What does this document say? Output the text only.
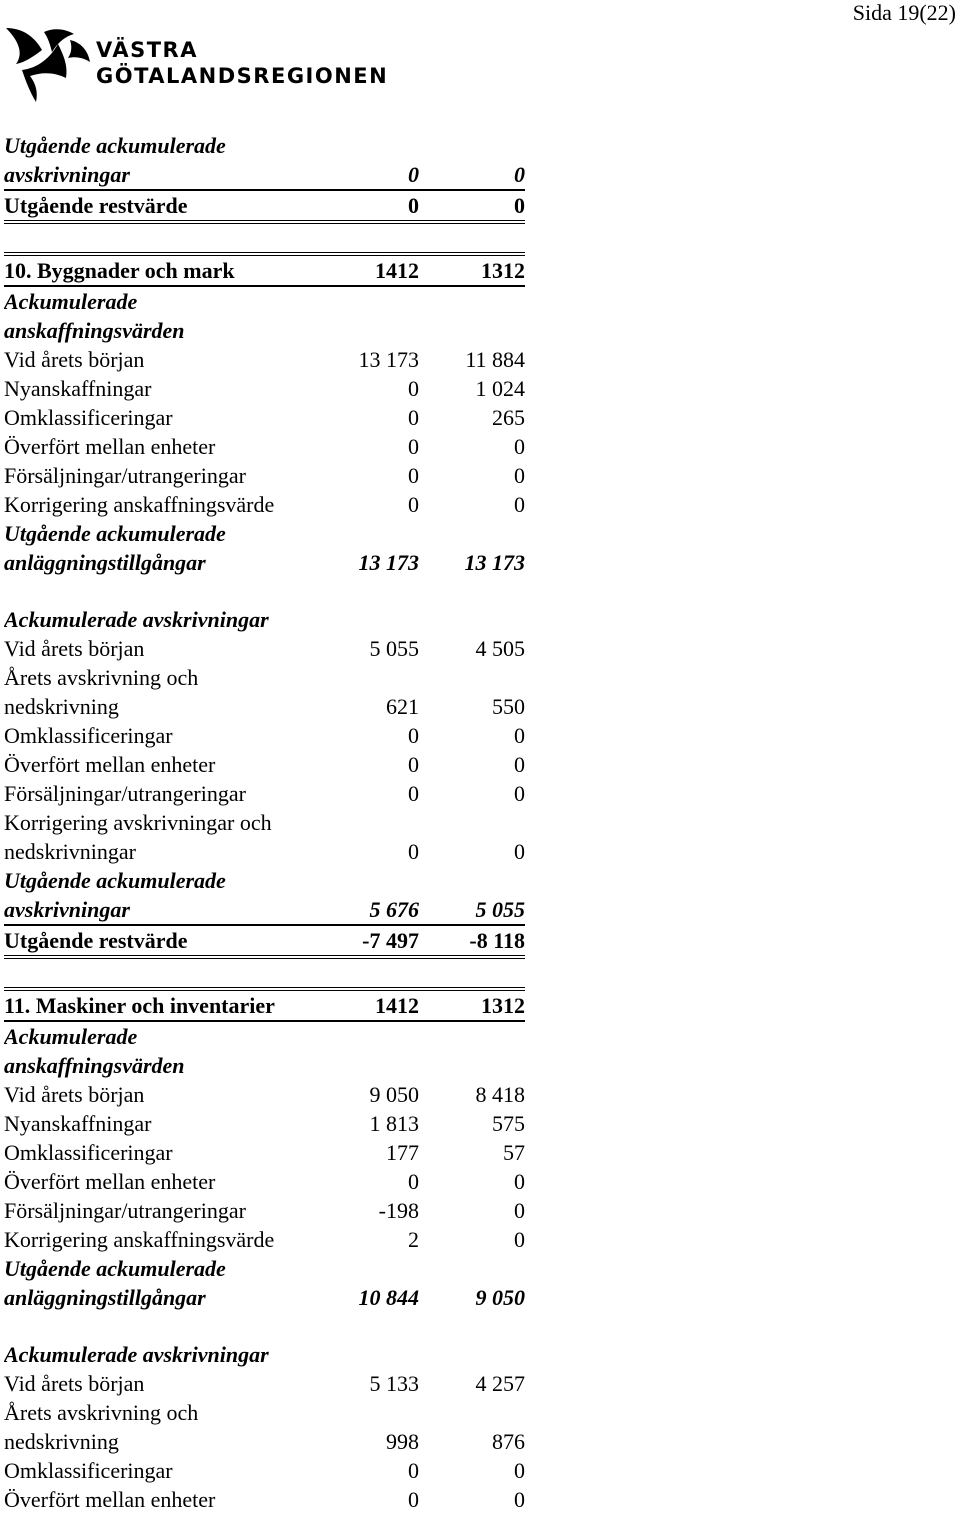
Sida 19(22)
VÄSTRA
GÖTALANDSREGIONEN
Utgående ackumulerade
avskrivningar	0	0
Utgående restvärde	0	0
10. Byggnader och mark	1412	1312
Ackumulerade
anskaffningsvärden
Vid årets början	13 173	11 884
Nyanskaffningar	0	1 024
Omklassificeringar	0	265
Överfört mellan enheter	0	0
Försäljningar/utrangeringar	0	0
Korrigering anskaffningsvärde	0	0
Utgående ackumulerade
anläggningstillgångar	13 173	13 173
Ackumulerade avskrivningar
Vid årets början	5 055	4 505
Årets avskrivning och
nedskrivning	621	550
Omklassificeringar	0	0
Överfört mellan enheter	0	0
Försäljningar/utrangeringar	0	0
Korrigering avskrivningar och
nedskrivningar	0	0
Utgående ackumulerade
avskrivningar	5 676	5 055
Utgående restvärde	-7 497	-8 118
11. Maskiner och inventarier	1412	1312
Ackumulerade
anskaffningsvärden
Vid årets början	9 050	8 418
Nyanskaffningar	1 813	575
Omklassificeringar	177	57
Överfört mellan enheter	0	0
Försäljningar/utrangeringar	-198	0
Korrigering anskaffningsvärde	2	0
Utgående ackumulerade
anläggningstillgångar	10 844	9 050
Ackumulerade avskrivningar
Vid årets början	5 133	4 257
Årets avskrivning och
nedskrivning	998	876
Omklassificeringar	0	0
Överfört mellan enheter	0	0
